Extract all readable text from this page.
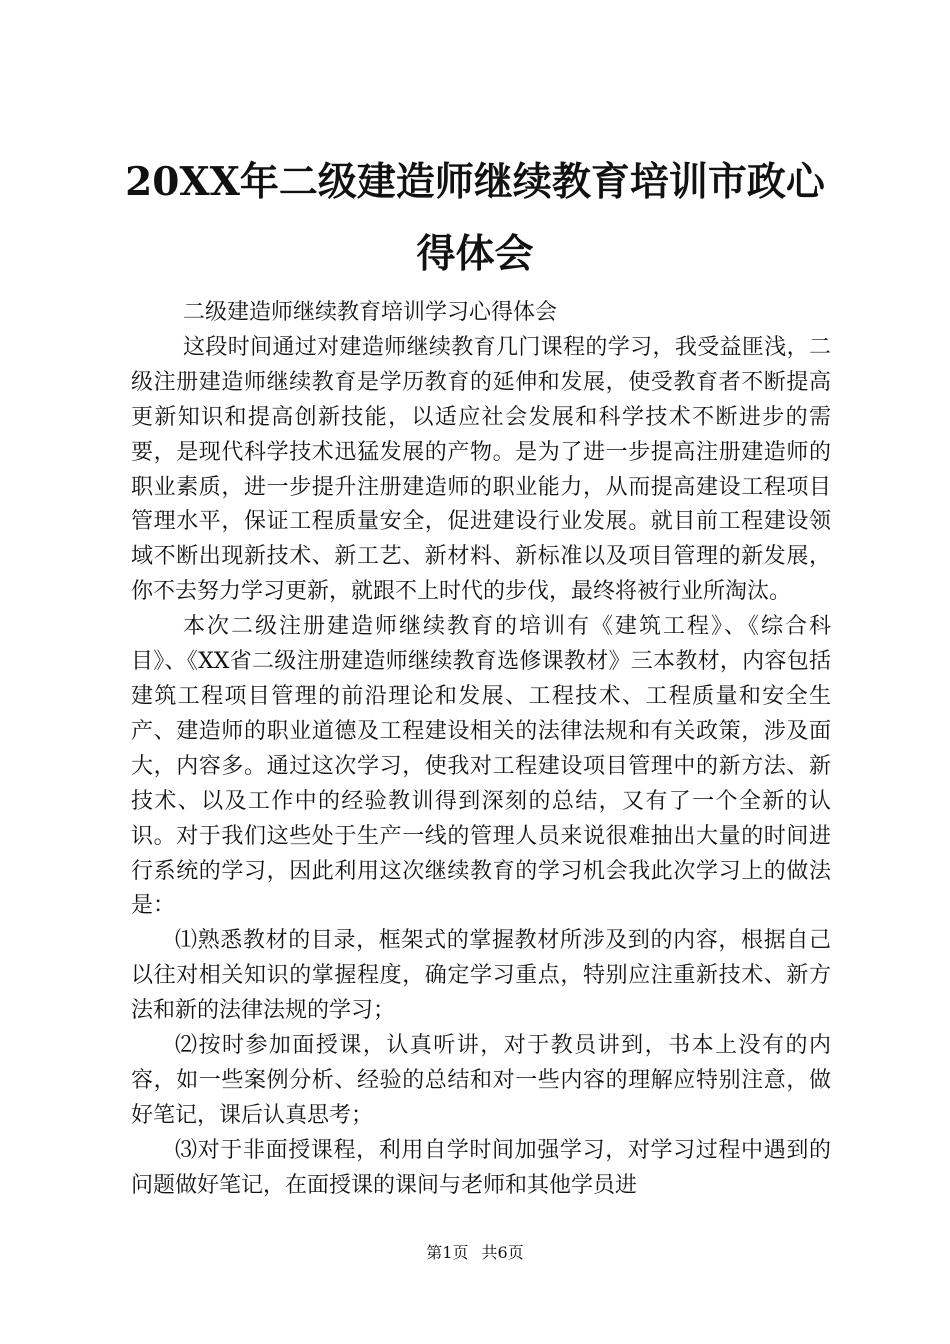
20XX年二级建造师继续教育培训市政心得体会

二级建造师继续教育培训学习心得体会

这段时间通过对建造师继续教育几门课程的学习，我受益匪浅，二级注册建造师继续教育是学历教育的延伸和发展，使受教育者不断提高更新知识和提高创新技能，以适应社会发展和科学技术不断进步的需要，是现代科学技术迅猛发展的产物。是为了进一步提高注册建造师的职业素质，进一步提升注册建造师的职业能力，从而提高建设工程项目管理水平，保证工程质量安全，促进建设行业发展。就目前工程建设领域不断出现新技术、新工艺、新材料、新标准以及项目管理的新发展，你不去努力学习更新，就跟不上时代的步伐，最终将被行业所淘汰。

本次二级注册建造师继续教育的培训有《建筑工程》、《综合科目》、《XX省二级注册建造师继续教育选修课教材》三本教材，内容包括建筑工程项目管理的前沿理论和发展、工程技术、工程质量和安全生产、建造师的职业道德及工程建设相关的法律法规和有关政策，涉及面大，内容多。通过这次学习，使我对工程建设项目管理中的新方法、新技术、以及工作中的经验教训得到深刻的总结，又有了一个全新的认识。对于我们这些处于生产一线的管理人员来说很难抽出大量的时间进行系统的学习，因此利用这次继续教育的学习机会我此次学习上的做法是：

⑴熟悉教材的目录，框架式的掌握教材所涉及到的内容，根据自己以往对相关知识的掌握程度，确定学习重点，特别应注重新技术、新方法和新的法律法规的学习；

⑵按时参加面授课，认真听讲，对于教员讲到，书本上没有的内容，如一些案例分析、经验的总结和对一些内容的理解应特别注意，做好笔记，课后认真思考；

⑶对于非面授课程，利用自学时间加强学习，对学习过程中遇到的问题做好笔记，在面授课的课间与老师和其他学员进

第1页 共6页
